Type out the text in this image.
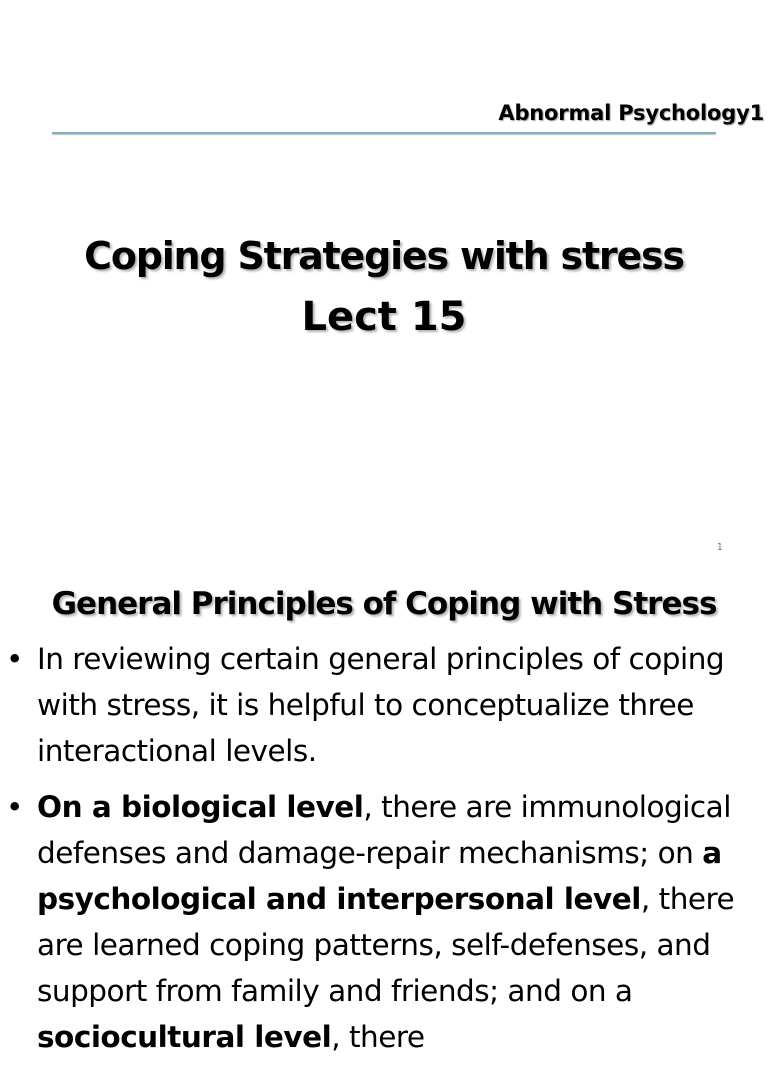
Abnormal Psychology1
Coping Strategies with stress
Lect 15
1
General Principles of Coping with Stress
• In reviewing certain general principles of coping with stress, it is helpful to conceptualize three interactional levels.
• On a biological level, there are immunological defenses and damage-repair mechanisms; on a psychological and interpersonal level, there are learned coping patterns, self-defenses, and support from family and friends; and on a sociocultural level, there
